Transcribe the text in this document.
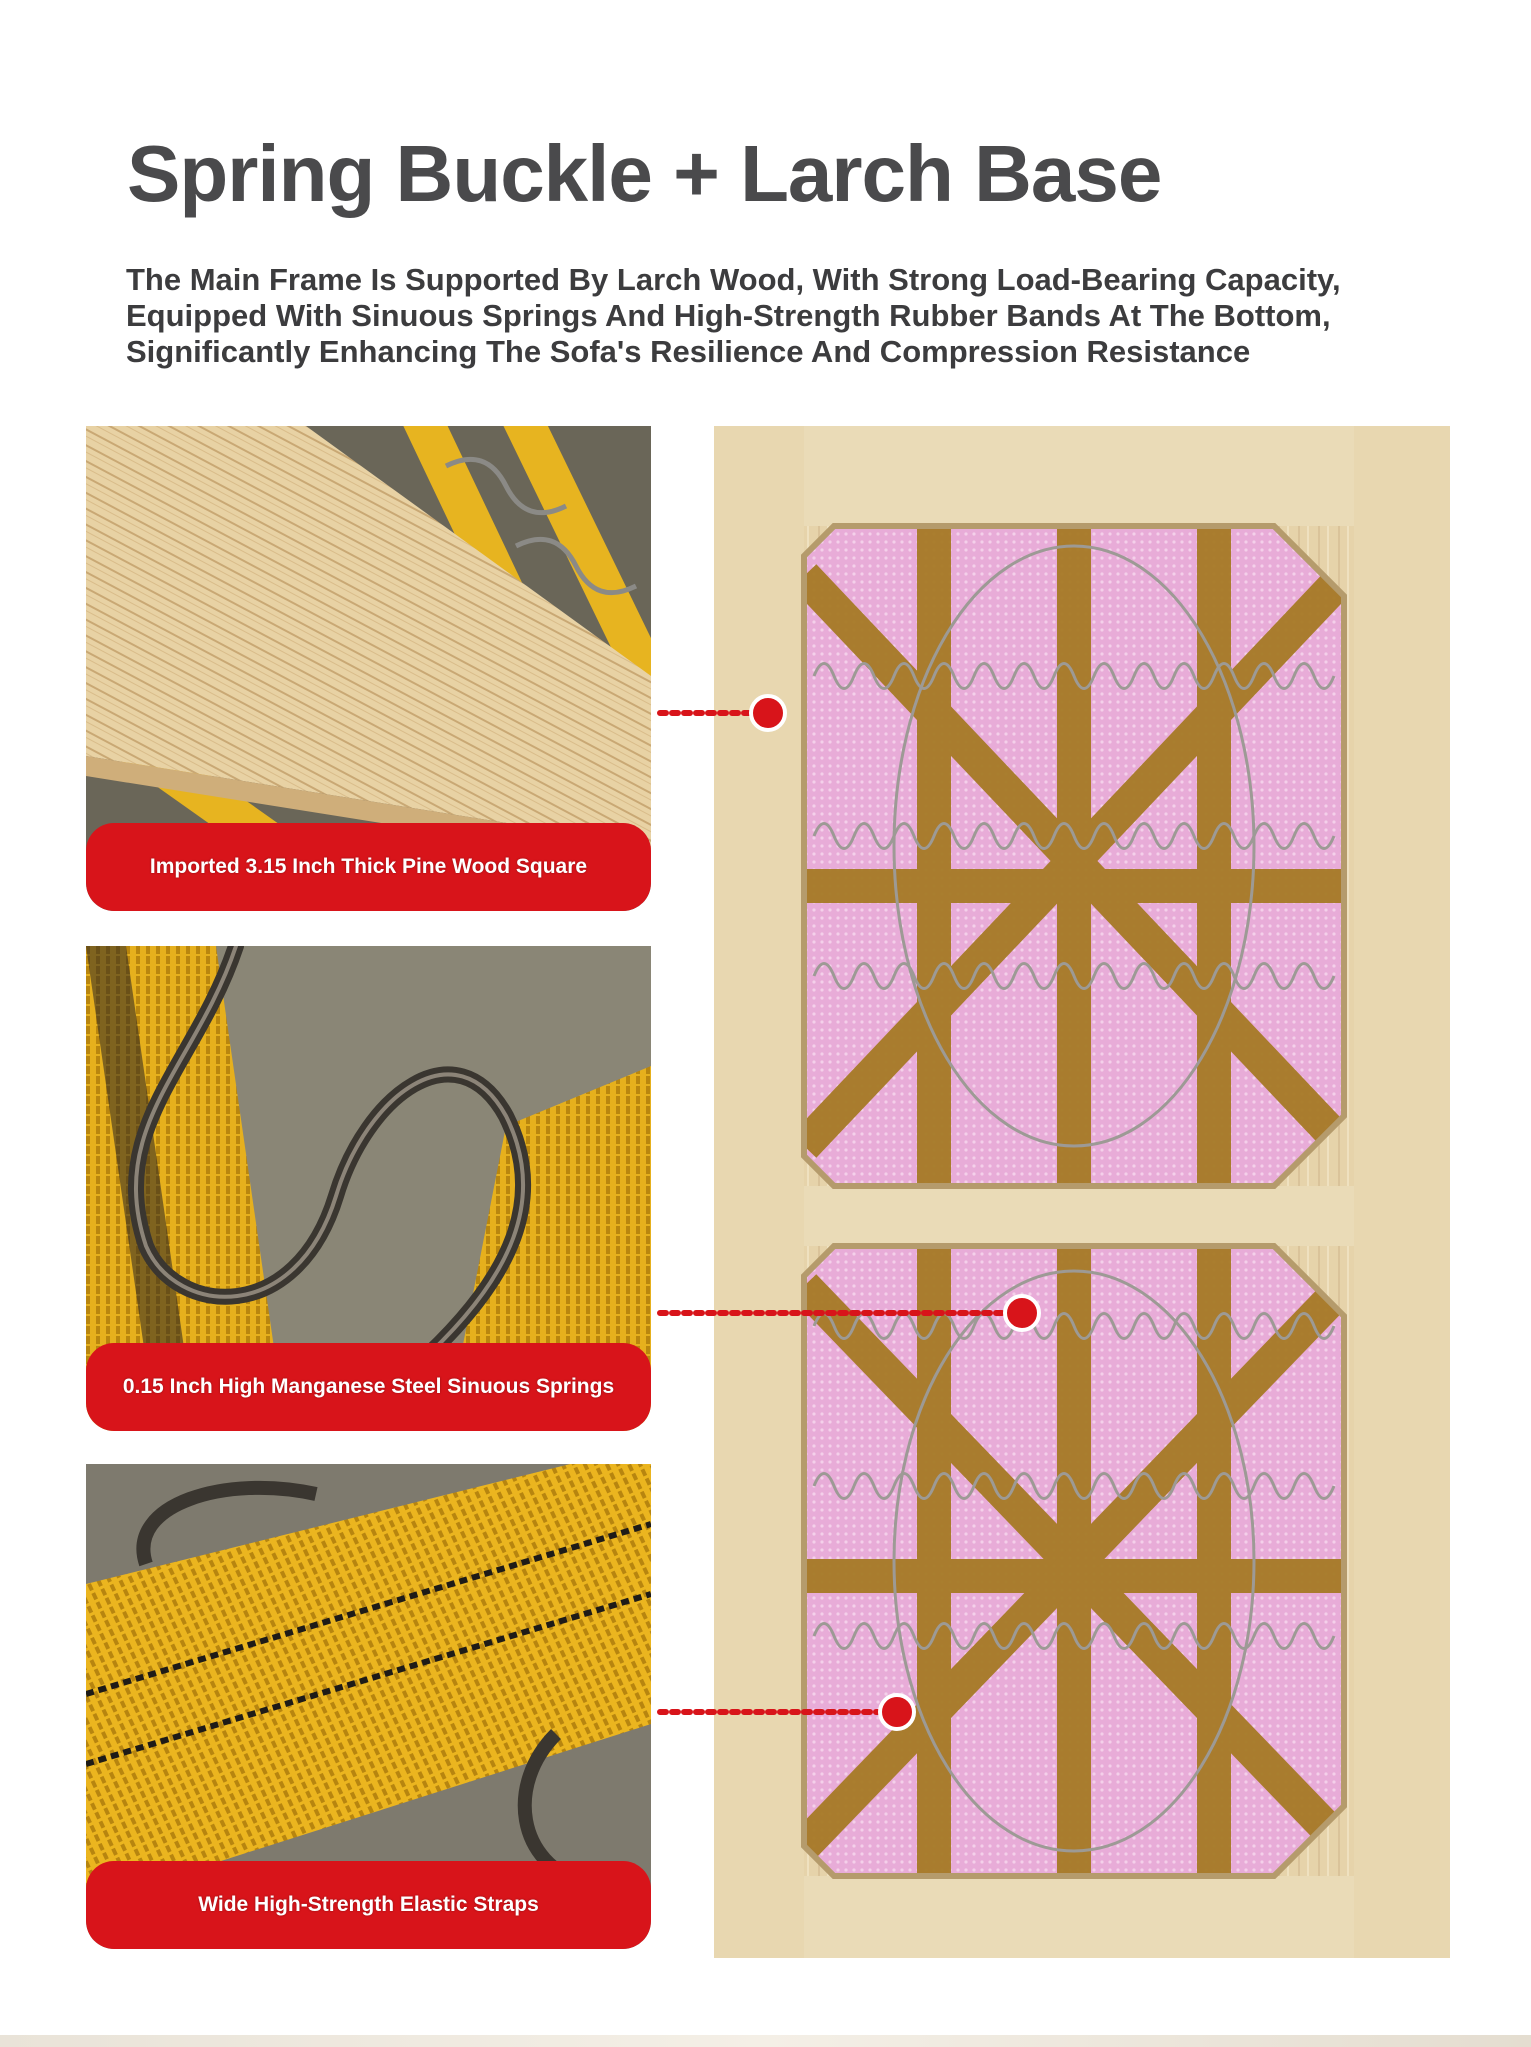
Spring Buckle + Larch Base
The Main Frame Is Supported By Larch Wood, With Strong Load-Bearing Capacity,
Equipped With Sinuous Springs And High-Strength Rubber Bands At The Bottom,
Significantly Enhancing The Sofa's Resilience And Compression Resistance
Imported 3.15 Inch Thick Pine Wood Square
0.15 Inch High Manganese Steel Sinuous Springs
Wide High-Strength Elastic Straps
